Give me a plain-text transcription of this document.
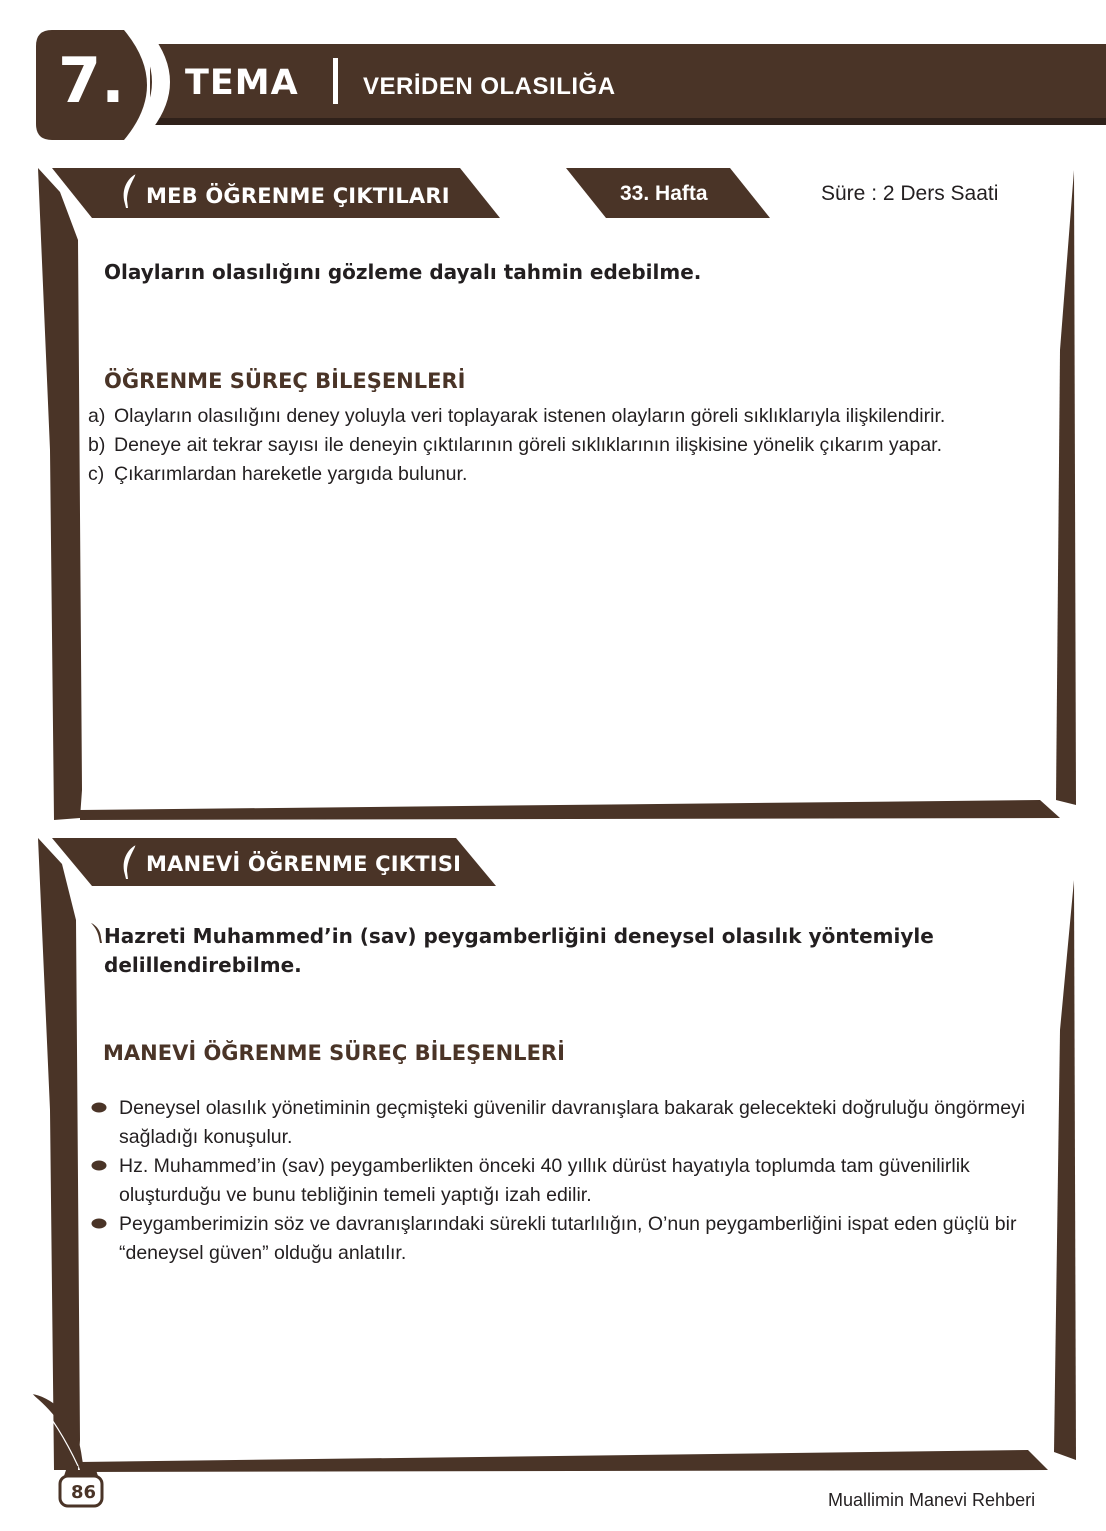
7. TEMA	VERİDEN OLASILIĞA
MEB ÖĞRENME ÇIKTILARI	33. Hafta	Süre : 2 Ders Saati
Olayların olasılığını gözleme dayalı tahmin edebilme.
ÖĞRENME SÜREÇ BİLEŞENLERİ
a) Olayların olasılığını deney yoluyla veri toplayarak istenen olayların göreli sıklıklarıyla ilişkilendirir.
b) Deneye ait tekrar sayısı ile deneyin çıktılarının göreli sıklıklarının ilişkisine yönelik çıkarım yapar.
c) Çıkarımlardan hareketle yargıda bulunur.
MANEVİ ÖĞRENME ÇIKTISI
Hazreti Muhammed’in (sav) peygamberliğini deneysel olasılık yöntemiyle delillendirebilme.
MANEVİ ÖĞRENME SÜREÇ BİLEŞENLERİ
Deneysel olasılık yönetiminin geçmişteki güvenilir davranışlara bakarak gelecekteki doğruluğu öngörmeyi sağladığı konuşulur.
Hz. Muhammed’in (sav) peygamberlikten önceki 40 yıllık dürüst hayatıyla toplumda tam güvenilirlik oluşturduğu ve bunu tebliğinin temeli yaptığı izah edilir.
Peygamberimizin söz ve davranışlarındaki sürekli tutarlılığın, O’nun peygamberliğini ispat eden güçlü bir “deneysel güven” olduğu anlatılır.
86	Muallimin Manevi Rehberi
